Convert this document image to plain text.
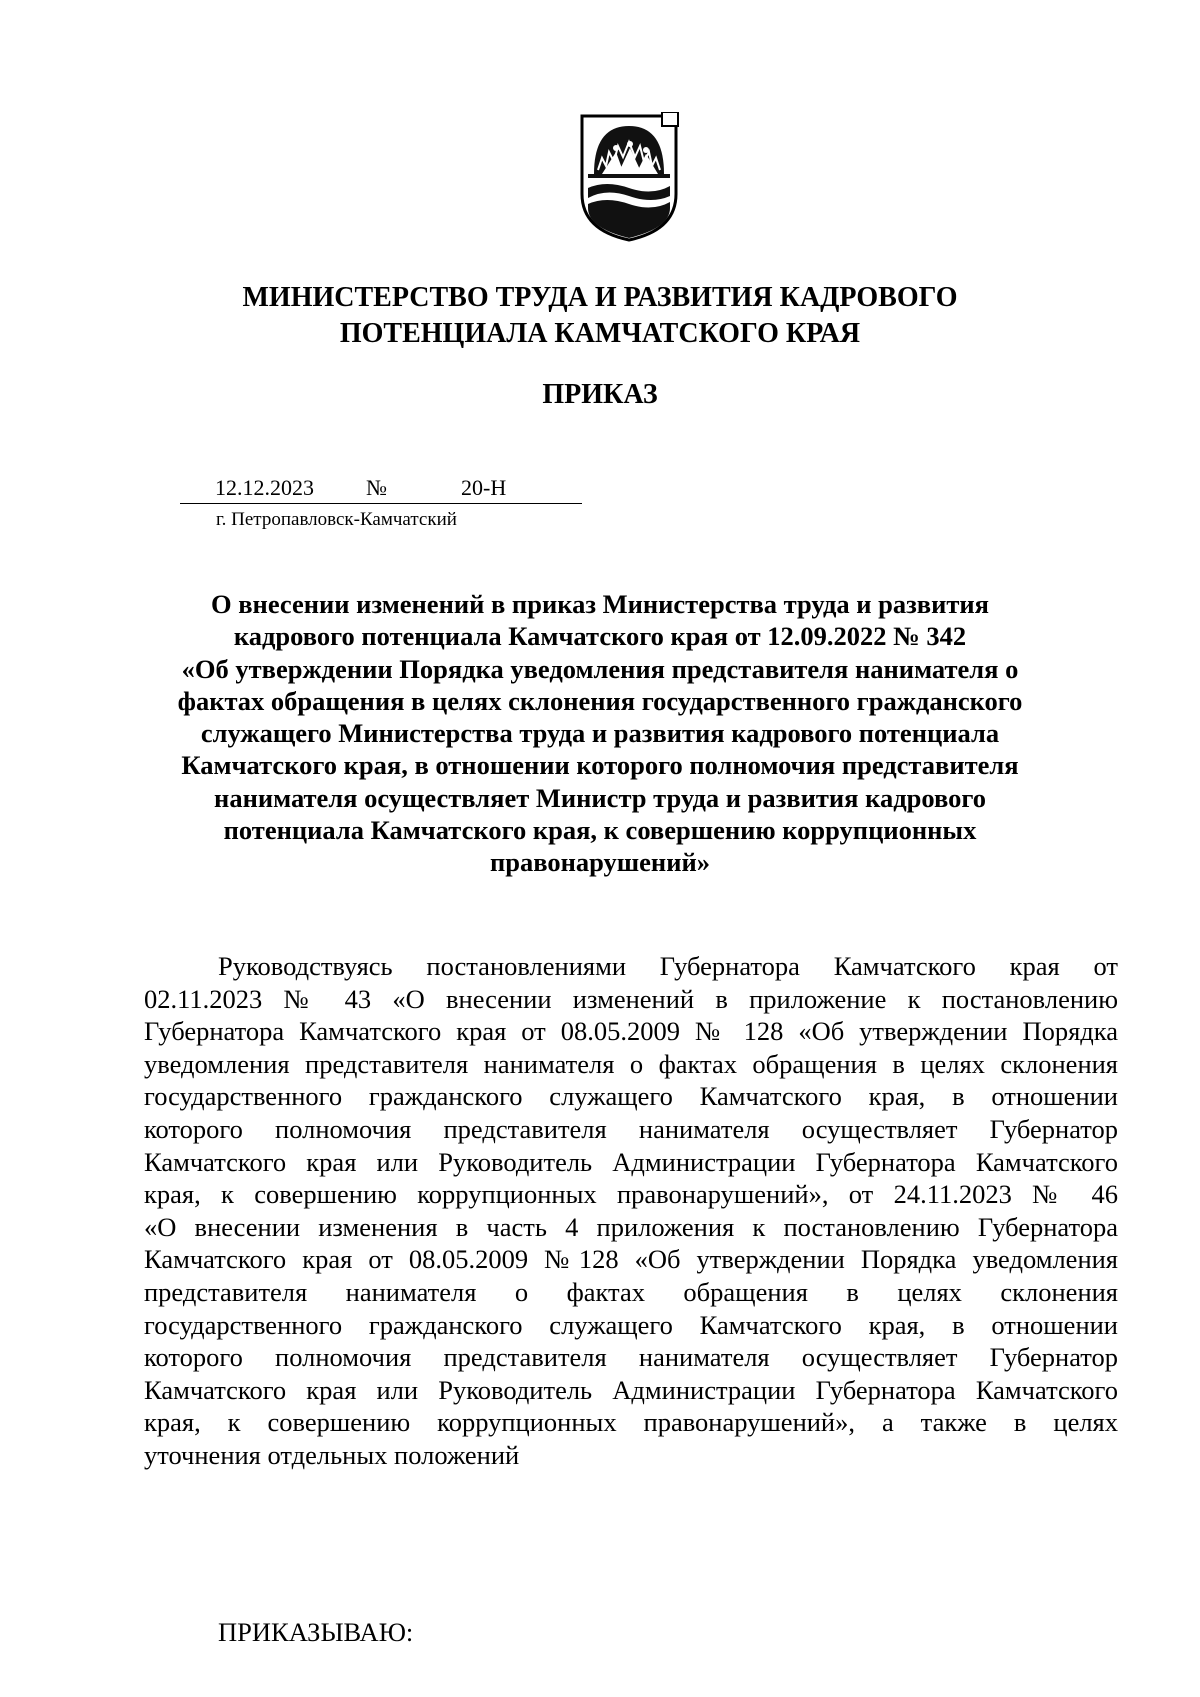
МИНИСТЕРСТВО ТРУДА И РАЗВИТИЯ КАДРОВОГО
ПОТЕНЦИАЛА КАМЧАТСКОГО КРАЯ
ПРИКАЗ
12.12.2023 №	20-Н
г. Петропавловск-Камчатский
О внесении изменений в приказ Министерства труда и развития
кадрового потенциала Камчатского края от 12.09.2022 № 342
«Об утверждении Порядка уведомления представителя нанимателя о
фактах обращения в целях склонения государственного гражданского
служащего Министерства труда и развития кадрового потенциала
Камчатского края, в отношении которого полномочия представителя
нанимателя осуществляет Министр труда и развития кадрового
потенциала Камчатского края, к совершению коррупционных
правонарушений»
Руководствуясь постановлениями Губернатора Камчатского края от
02.11.2023 № 43 «О внесении изменений в приложение к постановлению
Губернатора Камчатского края от 08.05.2009 № 128 «Об утверждении Порядка
уведомления представителя нанимателя о фактах обращения в целях склонения
государственного гражданского служащего Камчатского края, в отношении
которого полномочия представителя нанимателя осуществляет Губернатор
Камчатского края или Руководитель Администрации Губернатора Камчатского
края, к совершению коррупционных правонарушений», от 24.11.2023 № 46
«О внесении изменения в часть 4 приложения к постановлению Губернатора
Камчатского края от 08.05.2009 №128 «Об утверждении Порядка уведомления
представителя нанимателя о фактах обращения в целях склонения
государственного гражданского служащего Камчатского края, в отношении
которого полномочия представителя нанимателя осуществляет Губернатор
Камчатского края или Руководитель Администрации Губернатора Камчатского
края, к совершению коррупционных правонарушений», а также в целях
уточнения отдельных положений
ПРИКАЗЫВАЮ:
